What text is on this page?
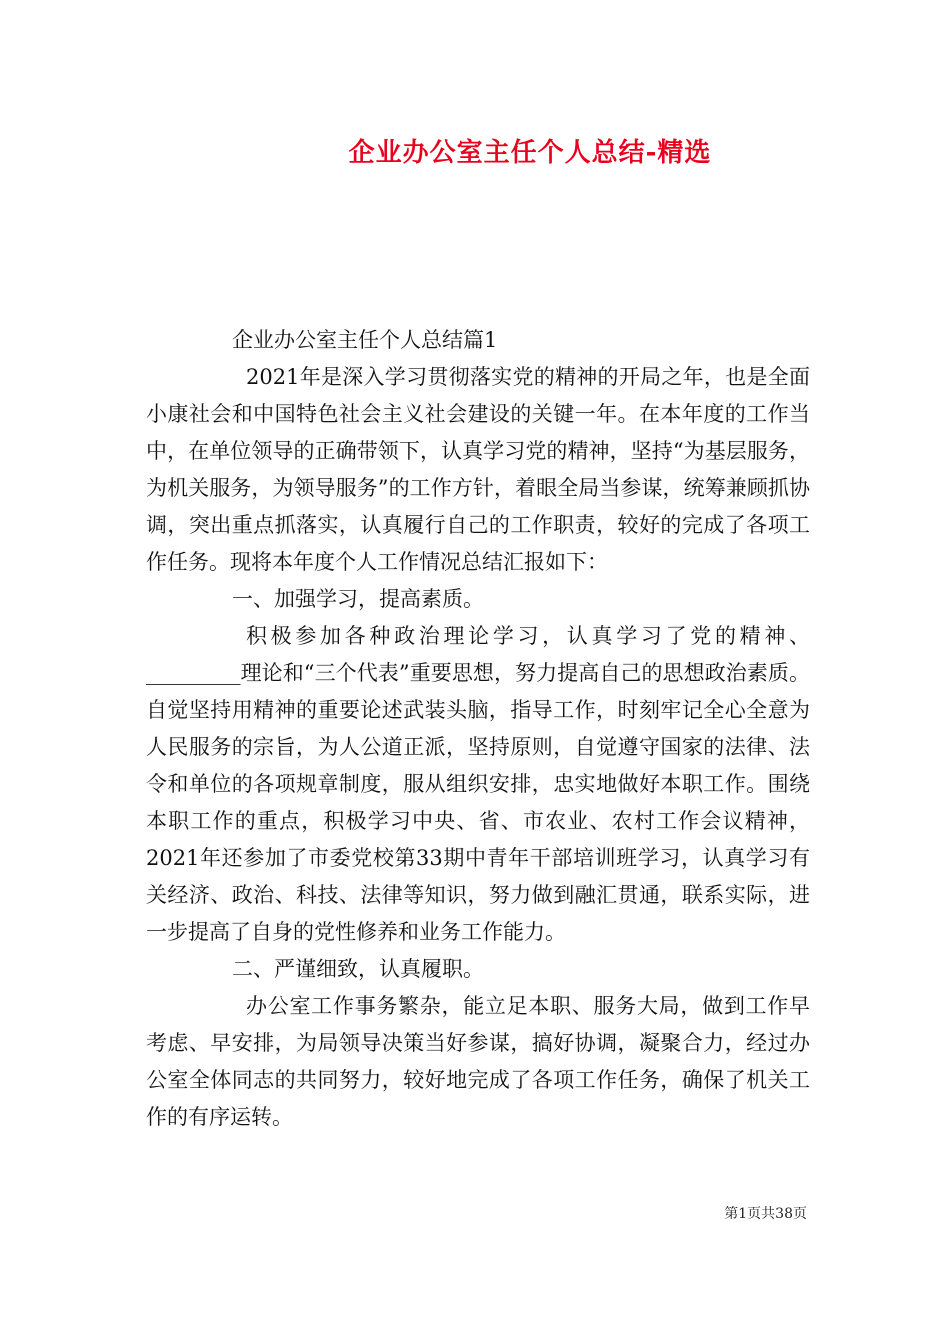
企业办公室主任个人总结-精选

企业办公室主任个人总结篇1

2021年是深入学习贯彻落实党的精神的开局之年，也是全面小康社会和中国特色社会主义社会建设的关键一年。在本年度的工作当中，在单位领导的正确带领下，认真学习党的精神，坚持“为基层服务，为机关服务，为领导服务”的工作方针，着眼全局当参谋，统筹兼顾抓协调，突出重点抓落实，认真履行自己的工作职责，较好的完成了各项工作任务。现将本年度个人工作情况总结汇报如下：

一、加强学习，提高素质。

积极参加各种政治理论学习，认真学习了党的精神、_________理论和“三个代表”重要思想，努力提高自己的思想政治素质。自觉坚持用精神的重要论述武装头脑，指导工作，时刻牢记全心全意为人民服务的宗旨，为人公道正派，坚持原则，自觉遵守国家的法律、法令和单位的各项规章制度，服从组织安排，忠实地做好本职工作。围绕本职工作的重点，积极学习中央、省、市农业、农村工作会议精神，2021年还参加了市委党校第33期中青年干部培训班学习，认真学习有关经济、政治、科技、法律等知识，努力做到融汇贯通，联系实际，进一步提高了自身的党性修养和业务工作能力。

二、严谨细致，认真履职。

办公室工作事务繁杂，能立足本职、服务大局，做到工作早考虑、早安排，为局领导决策当好参谋，搞好协调，凝聚合力，经过办公室全体同志的共同努力，较好地完成了各项工作任务，确保了机关工作的有序运转。

第1页共38页
